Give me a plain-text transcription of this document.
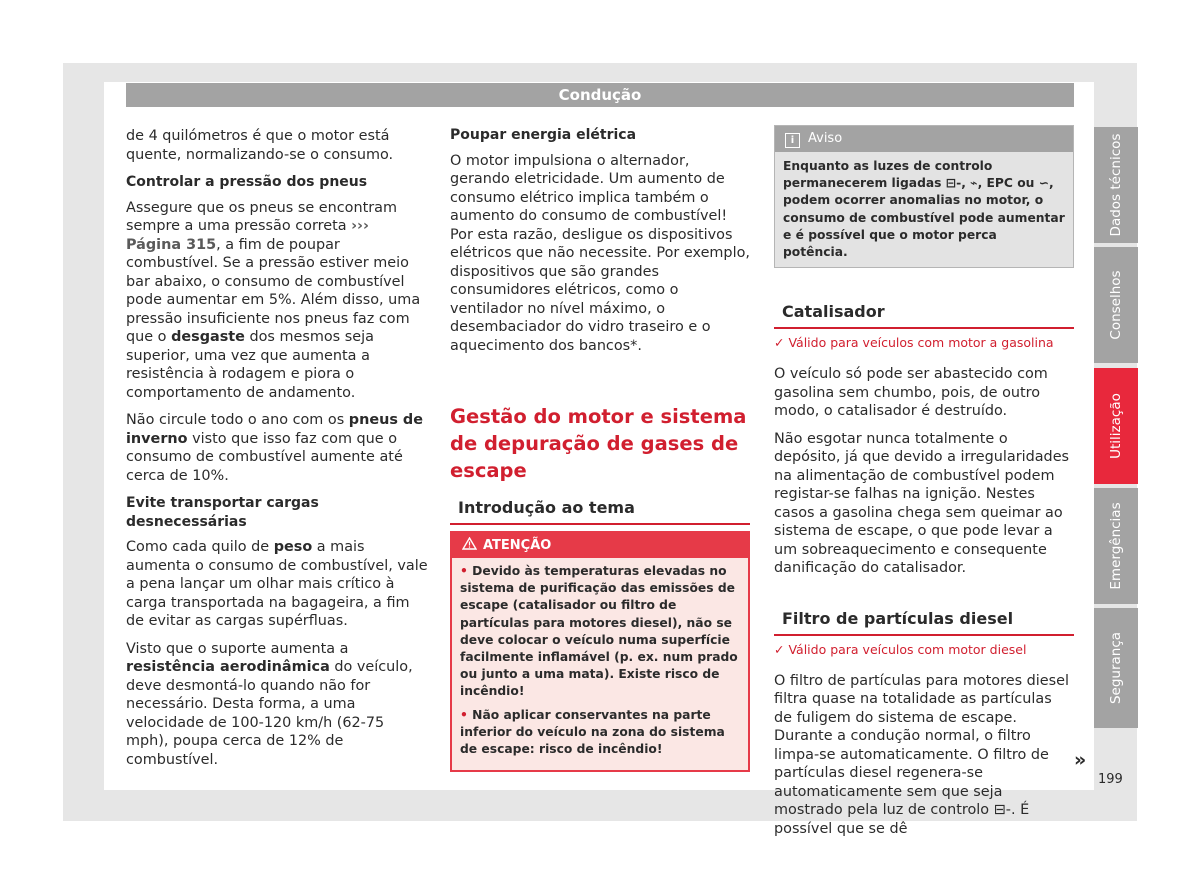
Condução

de 4 quilómetros é que o motor está quente, normalizando-se o consumo.

Controlar a pressão dos pneus

Assegure que os pneus se encontram sempre a uma pressão correta ››› Página 315, a fim de poupar combustível. Se a pressão estiver meio bar abaixo, o consumo de combustível pode aumentar em 5%. Além disso, uma pressão insuficiente nos pneus faz com que o desgaste dos mesmos seja superior, uma vez que aumenta a resistência à rodagem e piora o comportamento de andamento.

Não circule todo o ano com os pneus de inverno visto que isso faz com que o consumo de combustível aumente até cerca de 10%.

Evite transportar cargas desnecessárias

Como cada quilo de peso a mais aumenta o consumo de combustível, vale a pena lançar um olhar mais crítico à carga transportada na bagageira, a fim de evitar as cargas supérfluas.

Visto que o suporte aumenta a resistência aerodinâmica do veículo, deve desmontá-lo quando não for necessário. Desta forma, a uma velocidade de 100-120 km/h (62-75 mph), poupa cerca de 12% de combustível.

Poupar energia elétrica

O motor impulsiona o alternador, gerando eletricidade. Um aumento de consumo elétrico implica também o aumento do consumo de combustível! Por esta razão, desligue os dispositivos elétricos que não necessite. Por exemplo, dispositivos que são grandes consumidores elétricos, como o ventilador no nível máximo, o desembaciador do vidro traseiro e o aquecimento dos bancos*.

Gestão do motor e sistema de depuração de gases de escape
Introdução ao tema
ATENÇÃO

• Devido às temperaturas elevadas no sistema de purificação das emissões de escape (catalisador ou filtro de partículas para motores diesel), não se deve colocar o veículo numa superfície facilmente inflamável (p. ex. num prado ou junto a uma mata). Existe risco de incêndio!

• Não aplicar conservantes na parte inferior do veículo na zona do sistema de escape: risco de incêndio!

i Aviso
Enquanto as luzes de controlo permanecerem ligadas ⊟-, ⌁, EPC ou ∽, podem ocorrer anomalias no motor, o consumo de combustível pode aumentar e é possível que o motor perca potência.
Catalisador
✓ Válido para veículos com motor a gasolina

O veículo só pode ser abastecido com gasolina sem chumbo, pois, de outro modo, o catalisador é destruído.

Não esgotar nunca totalmente o depósito, já que devido a irregularidades na alimentação de combustível podem registar-se falhas na ignição. Nestes casos a gasolina chega sem queimar ao sistema de escape, o que pode levar a um sobreaquecimento e consequente danificação do catalisador.

Filtro de partículas diesel
✓ Válido para veículos com motor diesel

O filtro de partículas para motores diesel filtra quase na totalidade as partículas de fuligem do sistema de escape. Durante a condução normal, o filtro limpa-se automaticamente. O filtro de partículas diesel regenera-se automaticamente sem que seja mostrado pela luz de controlo ⊟-. É possível que se dê

Dados técnicos
Conselhos
Utilização
Emergências
Segurança
»
199
